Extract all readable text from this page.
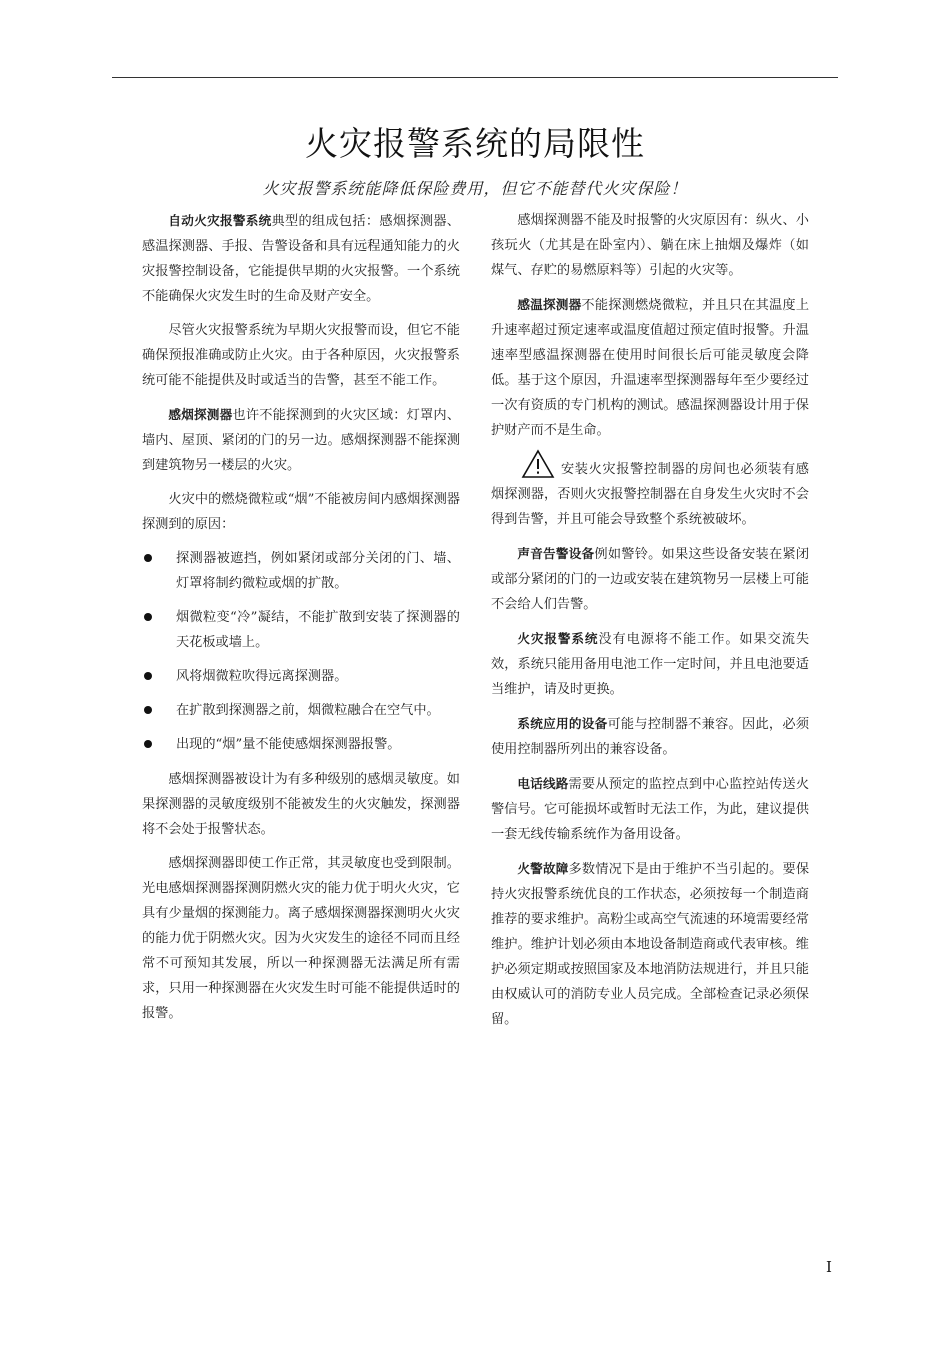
火灾报警系统的局限性
火灾报警系统能降低保险费用，但它不能替代火灾保险！

自动火灾报警系统典型的组成包括：感烟探测器、感温探测器、手报、告警设备和具有远程通知能力的火灾报警控制设备，它能提供早期的火灾报警。一个系统不能确保火灾发生时的生命及财产安全。

尽管火灾报警系统为早期火灾报警而设，但它不能确保预报准确或防止火灾。由于各种原因，火灾报警系统可能不能提供及时或适当的告警，甚至不能工作。

感烟探测器也许不能探测到的火灾区域：灯罩内、墙内、屋顶、紧闭的门的另一边。感烟探测器不能探测到建筑物另一楼层的火灾。

火灾中的燃烧微粒或“烟”不能被房间内感烟探测器探测到的原因：

探测器被遮挡，例如紧闭或部分关闭的门、墙、灯罩将制约微粒或烟的扩散。
烟微粒变“冷”凝结，不能扩散到安装了探测器的天花板或墙上。
风将烟微粒吹得远离探测器。
在扩散到探测器之前，烟微粒融合在空气中。
出现的“烟”量不能使感烟探测器报警。

感烟探测器被设计为有多种级别的感烟灵敏度。如果探测器的灵敏度级别不能被发生的火灾触发，探测器将不会处于报警状态。

感烟探测器即使工作正常，其灵敏度也受到限制。光电感烟探测器探测阴燃火灾的能力优于明火火灾，它具有少量烟的探测能力。离子感烟探测器探测明火火灾的能力优于阴燃火灾。因为火灾发生的途径不同而且经常不可预知其发展，所以一种探测器无法满足所有需求，只用一种探测器在火灾发生时可能不能提供适时的报警。

感烟探测器不能及时报警的火灾原因有：纵火、小孩玩火（尤其是在卧室内）、躺在床上抽烟及爆炸（如煤气、存贮的易燃原料等）引起的火灾等。

感温探测器不能探测燃烧微粒，并且只在其温度上升速率超过预定速率或温度值超过预定值时报警。升温速率型感温探测器在使用时间很长后可能灵敏度会降低。基于这个原因，升温速率型探测器每年至少要经过一次有资质的专门机构的测试。感温探测器设计用于保护财产而不是生命。

安装火灾报警控制器的房间也必须装有感烟探测器，否则火灾报警控制器在自身发生火灾时不会得到告警，并且可能会导致整个系统被破坏。

声音告警设备例如警铃。如果这些设备安装在紧闭或部分紧闭的门的一边或安装在建筑物另一层楼上可能不会给人们告警。

火灾报警系统没有电源将不能工作。如果交流失效，系统只能用备用电池工作一定时间，并且电池要适当维护，请及时更换。

系统应用的设备可能与控制器不兼容。因此，必须使用控制器所列出的兼容设备。

电话线路需要从预定的监控点到中心监控站传送火警信号。它可能损坏或暂时无法工作，为此，建议提供一套无线传输系统作为备用设备。

火警故障多数情况下是由于维护不当引起的。要保持火灾报警系统优良的工作状态，必须按每一个制造商推荐的要求维护。高粉尘或高空气流速的环境需要经常维护。维护计划必须由本地设备制造商或代表审核。维护必须定期或按照国家及本地消防法规进行，并且只能由权威认可的消防专业人员完成。全部检查记录必须保留。

I
